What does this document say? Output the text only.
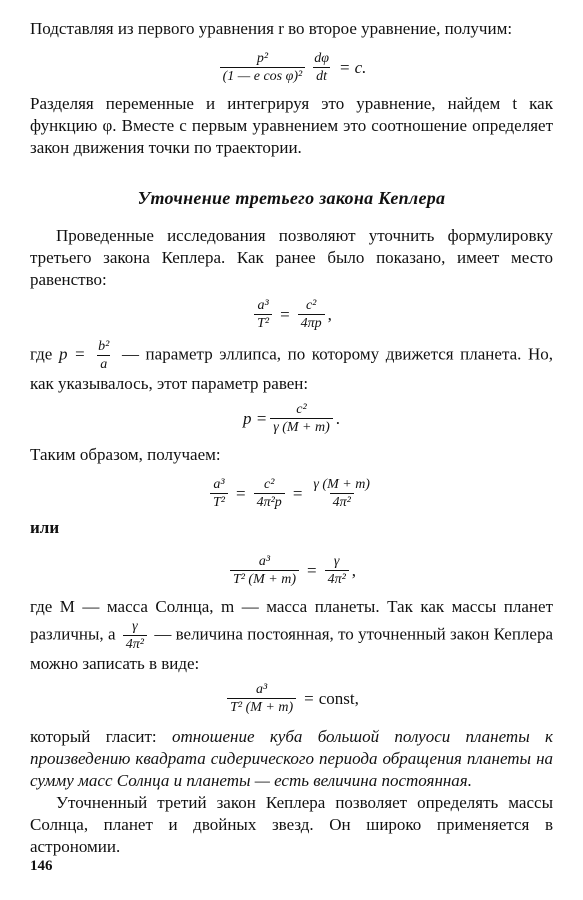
Подставляя из первого уравнения r во второе уравнение, получим:

$\frac{\text{p²}}{\text{(1 — e cos φ)²}} \frac{d\varphi}{dt} = c$.

Разделяя переменные и интегрируя это уравнение, найдем t как функцию φ. Вместе с первым уравнением это соотношение определяет закон движения точки по траектории.

Уточнение третьего закона Кеплера

Проведенные исследования позволяют уточнить формулировку третьего закона Кеплера. Как ранее было показано, имеет место равенство:

$\frac{\text{a³}}{\text{T²}} = \frac{\text{c²}}{4\pi p}$ ,

где $p = \frac{\text{b²}}{a}$ — параметр эллипса, по которому движется планета. Но, как указывалось, этот параметр равен:

$p = \frac{\text{c²}}{\gamma (M + m)}$ .

Таким образом, получаем:

$\frac{\text{a³}}{\text{T²}} = \frac{\text{c²}}{\text{4π²p}} = \frac{\gamma (M + m)}{\text{4π²}}$

или

$\frac{\text{a³}}{\text{T² (M + m)}} = \frac{\gamma}{\text{4π²}}$ ,

где M — масса Солнца, m — масса планеты. Так как массы планет различны, а $\frac{\gamma}{\text{4π²}}$ — величина постоянная, то уточненный закон Кеплера можно записать в виде:

$\frac{\text{a³}}{\text{T² (M + m)}}$ = const,

который гласит: отношение куба большой полуоси планеты к произведению квадрата сидерического периода обращения планеты на сумму масс Солнца и планеты — есть величина постоянная.

Уточненный третий закон Кеплера позволяет определять массы Солнца, планет и двойных звезд. Он широко применяется в астрономии.

146
